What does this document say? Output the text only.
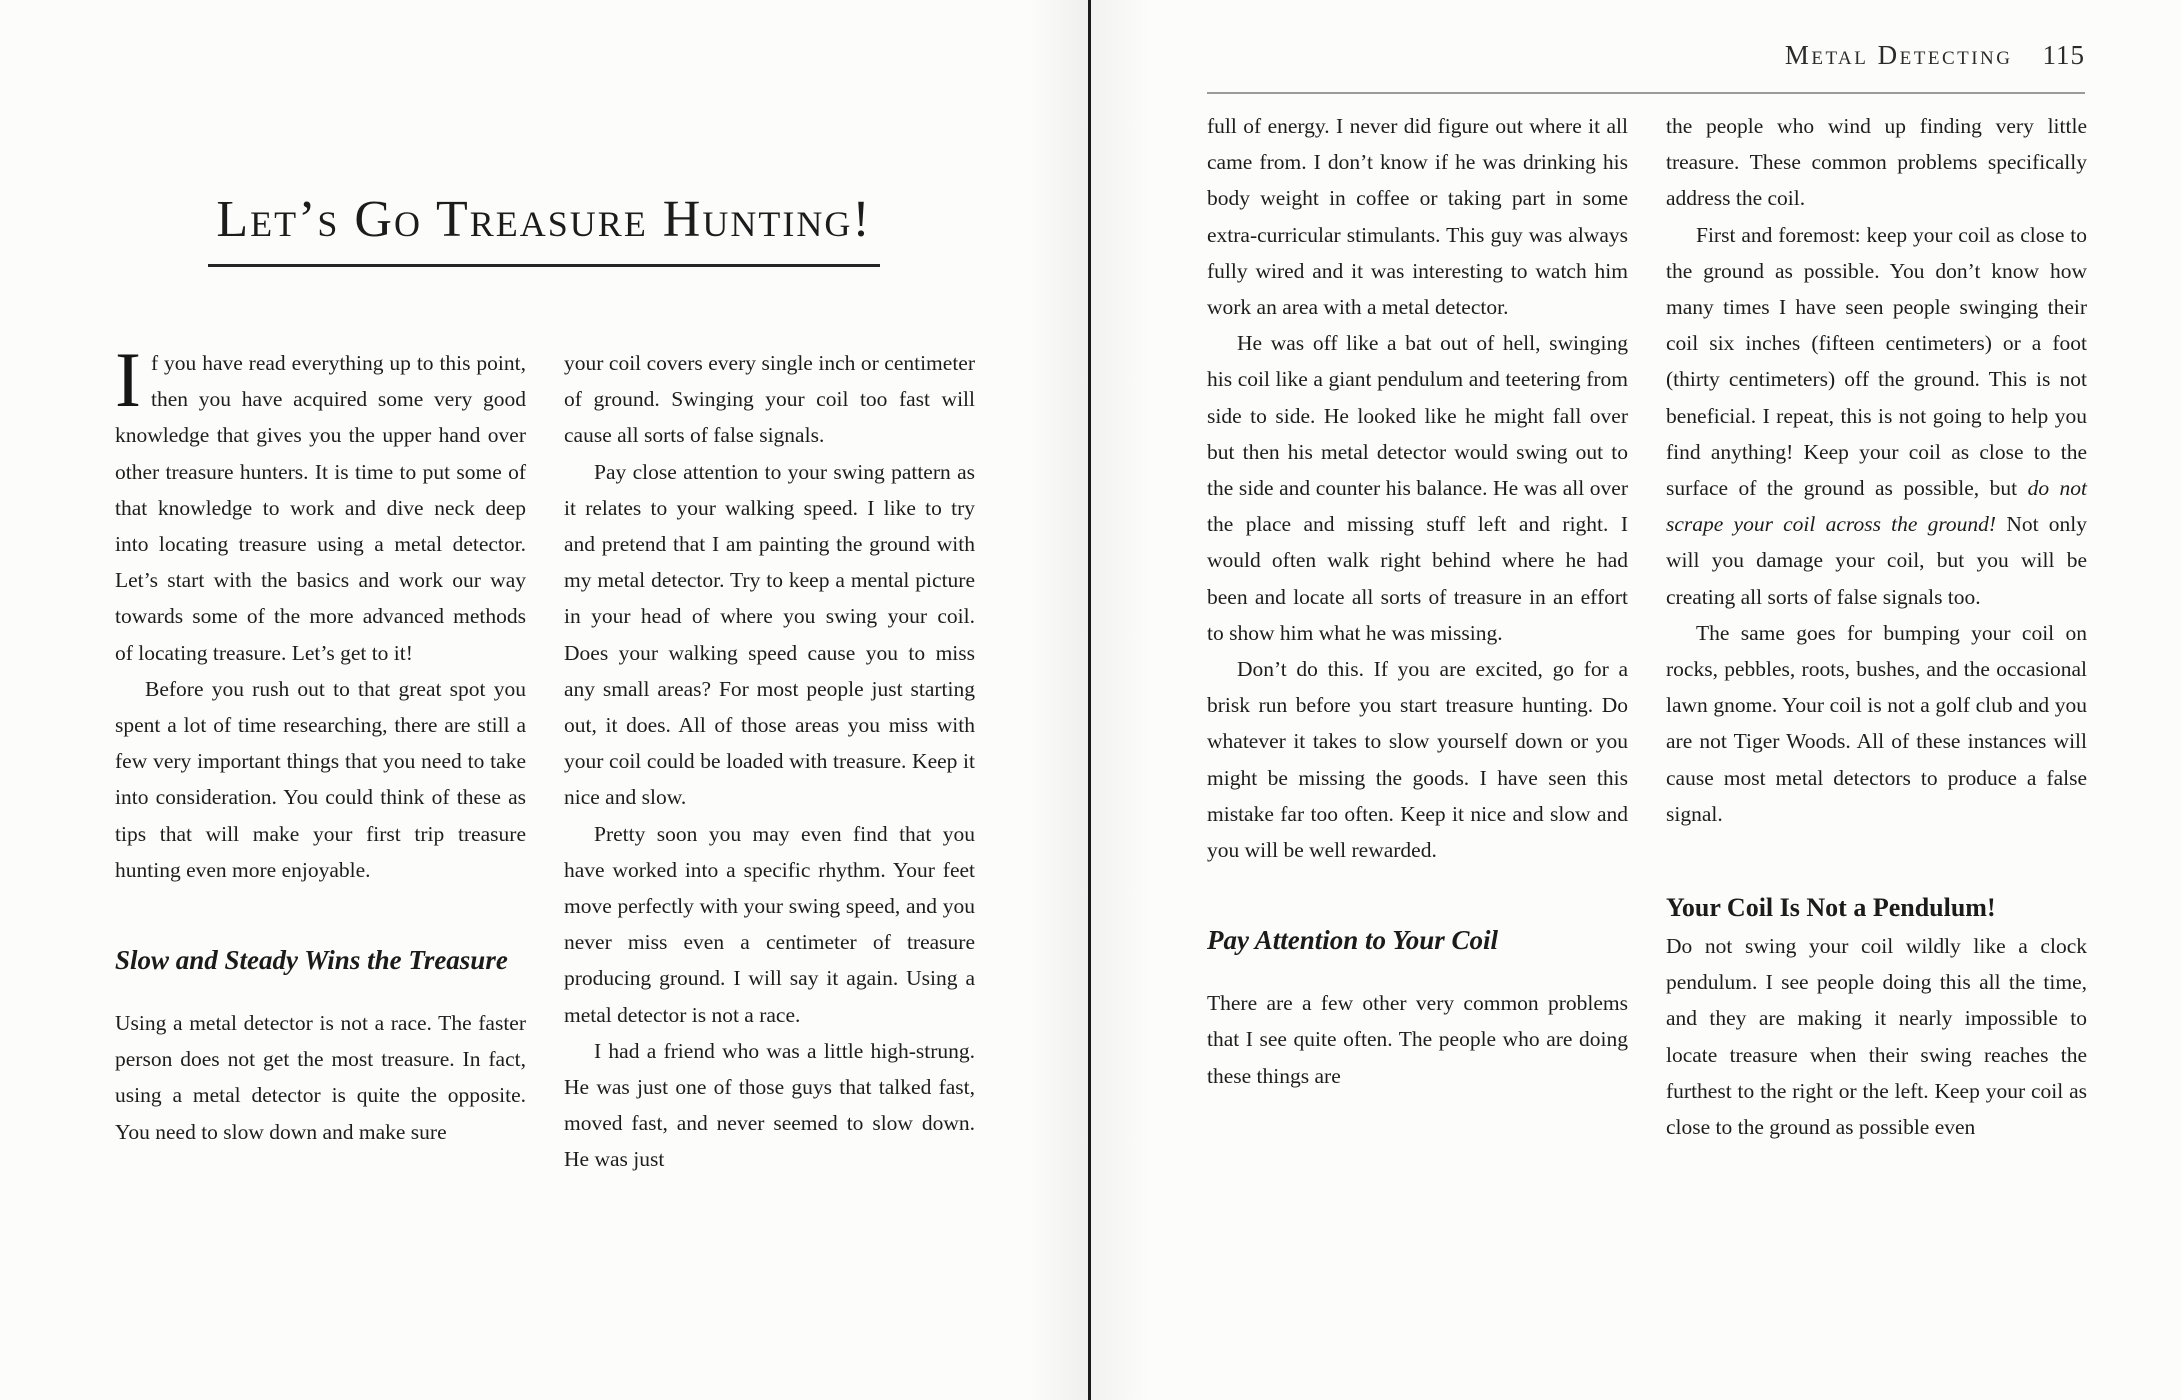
Let’s Go Treasure Hunting!

If you have read everything up to this point, then you have acquired some very good knowledge that gives you the upper hand over other treasure hunters. It is time to put some of that knowledge to work and dive neck deep into locating treasure using a metal detector. Let’s start with the basics and work our way towards some of the more advanced methods of locating treasure. Let’s get to it!

Before you rush out to that great spot you spent a lot of time researching, there are still a few very important things that you need to take into consideration. You could think of these as tips that will make your first trip treasure hunting even more enjoyable.

Slow and Steady Wins the Treasure

Using a metal detector is not a race. The faster person does not get the most treasure. In fact, using a metal detector is quite the opposite. You need to slow down and make sure

your coil covers every single inch or centimeter of ground. Swinging your coil too fast will cause all sorts of false signals.

Pay close attention to your swing pattern as it relates to your walking speed. I like to try and pretend that I am painting the ground with my metal detector. Try to keep a mental picture in your head of where you swing your coil. Does your walking speed cause you to miss any small areas? For most people just starting out, it does. All of those areas you miss with your coil could be loaded with treasure. Keep it nice and slow.

Pretty soon you may even find that you have worked into a specific rhythm. Your feet move perfectly with your swing speed, and you never miss even a centimeter of treasure producing ground. I will say it again. Using a metal detector is not a race.

I had a friend who was a little high-strung. He was just one of those guys that talked fast, moved fast, and never seemed to slow down. He was just

Metal Detecting 115

full of energy. I never did figure out where it all came from. I don’t know if he was drinking his body weight in coffee or taking part in some extra-curricular stimulants. This guy was always fully wired and it was interesting to watch him work an area with a metal detector.

He was off like a bat out of hell, swinging his coil like a giant pendulum and teetering from side to side. He looked like he might fall over but then his metal detector would swing out to the side and counter his balance. He was all over the place and missing stuff left and right. I would often walk right behind where he had been and locate all sorts of treasure in an effort to show him what he was missing.

Don’t do this. If you are excited, go for a brisk run before you start treasure hunting. Do whatever it takes to slow yourself down or you might be missing the goods. I have seen this mistake far too often. Keep it nice and slow and you will be well rewarded.

Pay Attention to Your Coil

There are a few other very common problems that I see quite often. The people who are doing these things are

the people who wind up finding very little treasure. These common problems specifically address the coil.

First and foremost: keep your coil as close to the ground as possible. You don’t know how many times I have seen people swinging their coil six inches (fifteen centimeters) or a foot (thirty centimeters) off the ground. This is not beneficial. I repeat, this is not going to help you find anything! Keep your coil as close to the surface of the ground as possible, but do not scrape your coil across the ground! Not only will you damage your coil, but you will be creating all sorts of false signals too.

The same goes for bumping your coil on rocks, pebbles, roots, bushes, and the occasional lawn gnome. Your coil is not a golf club and you are not Tiger Woods. All of these instances will cause most metal detectors to produce a false signal.

Your Coil Is Not a Pendulum!

Do not swing your coil wildly like a clock pendulum. I see people doing this all the time, and they are making it nearly impossible to locate treasure when their swing reaches the furthest to the right or the left. Keep your coil as close to the ground as possible even
